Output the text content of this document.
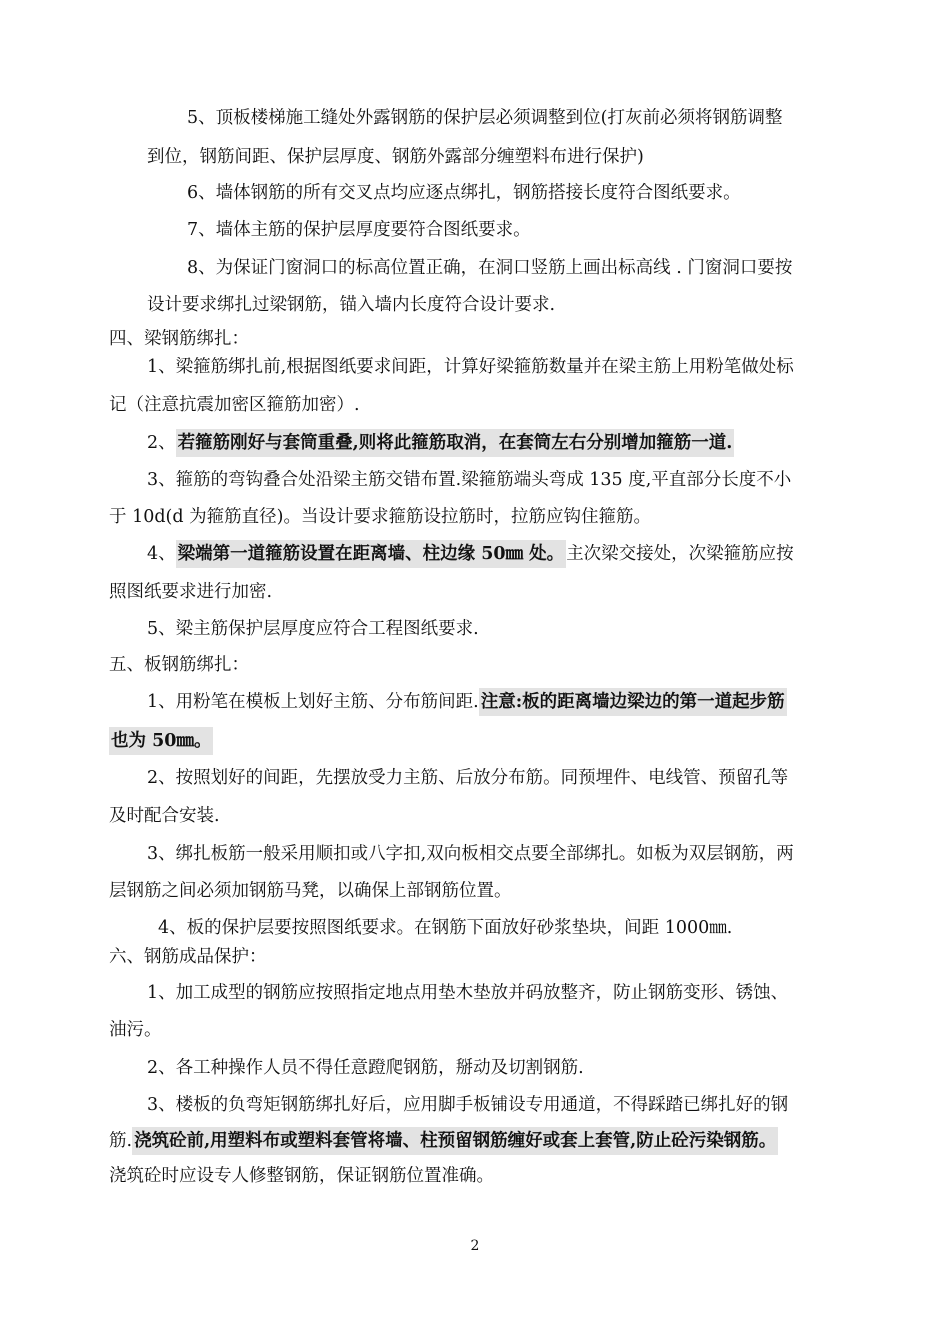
5、顶板楼梯施工缝处外露钢筋的保护层必须调整到位(打灰前必须将钢筋调整
到位，钢筋间距、保护层厚度、钢筋外露部分缠塑料布进行保护)
6、墙体钢筋的所有交叉点均应逐点绑扎，钢筋搭接长度符合图纸要求。
7、墙体主筋的保护层厚度要符合图纸要求。
8、为保证门窗洞口的标高位置正确，在洞口竖筋上画出标高线 . 门窗洞口要按
设计要求绑扎过梁钢筋，锚入墙内长度符合设计要求.
四、梁钢筋绑扎：
1、梁箍筋绑扎前,根据图纸要求间距，计算好梁箍筋数量并在梁主筋上用粉笔做处标
记（注意抗震加密区箍筋加密）.
2、 若箍筋刚好与套筒重叠,则将此箍筋取消，在套筒左右分别增加箍筋一道.
3、箍筋的弯钩叠合处沿梁主筋交错布置.梁箍筋端头弯成 135 度,平直部分长度不小
于 10d(d 为箍筋直径)。当设计要求箍筋设拉筋时，拉筋应钩住箍筋。
4、 梁端第一道箍筋设置在距离墙、柱边缘 50㎜ 处。 主次梁交接处，次梁箍筋应按
照图纸要求进行加密.
5、梁主筋保护层厚度应符合工程图纸要求.
五、板钢筋绑扎：
1、用粉笔在模板上划好主筋、分布筋间距. 注意:板的距离墙边梁边的第一道起步筋
也为 50㎜。
2、按照划好的间距，先摆放受力主筋、后放分布筋。同预埋件、电线管、预留孔等
及时配合安装.
3、绑扎板筋一般采用顺扣或八字扣,双向板相交点要全部绑扎。如板为双层钢筋，两
层钢筋之间必须加钢筋马凳，以确保上部钢筋位置。
4、板的保护层要按照图纸要求。在钢筋下面放好砂浆垫块，间距 1000㎜.
六、钢筋成品保护：
1、加工成型的钢筋应按照指定地点用垫木垫放并码放整齐，防止钢筋变形、锈蚀、
油污。
2、各工种操作人员不得任意蹬爬钢筋，掰动及切割钢筋.
3、楼板的负弯矩钢筋绑扎好后，应用脚手板铺设专用通道，不得踩踏已绑扎好的钢
筋. 浇筑砼前,用塑料布或塑料套管将墙、柱预留钢筋缠好或套上套管,防止砼污染钢筋。
浇筑砼时应设专人修整钢筋，保证钢筋位置准确。
2
